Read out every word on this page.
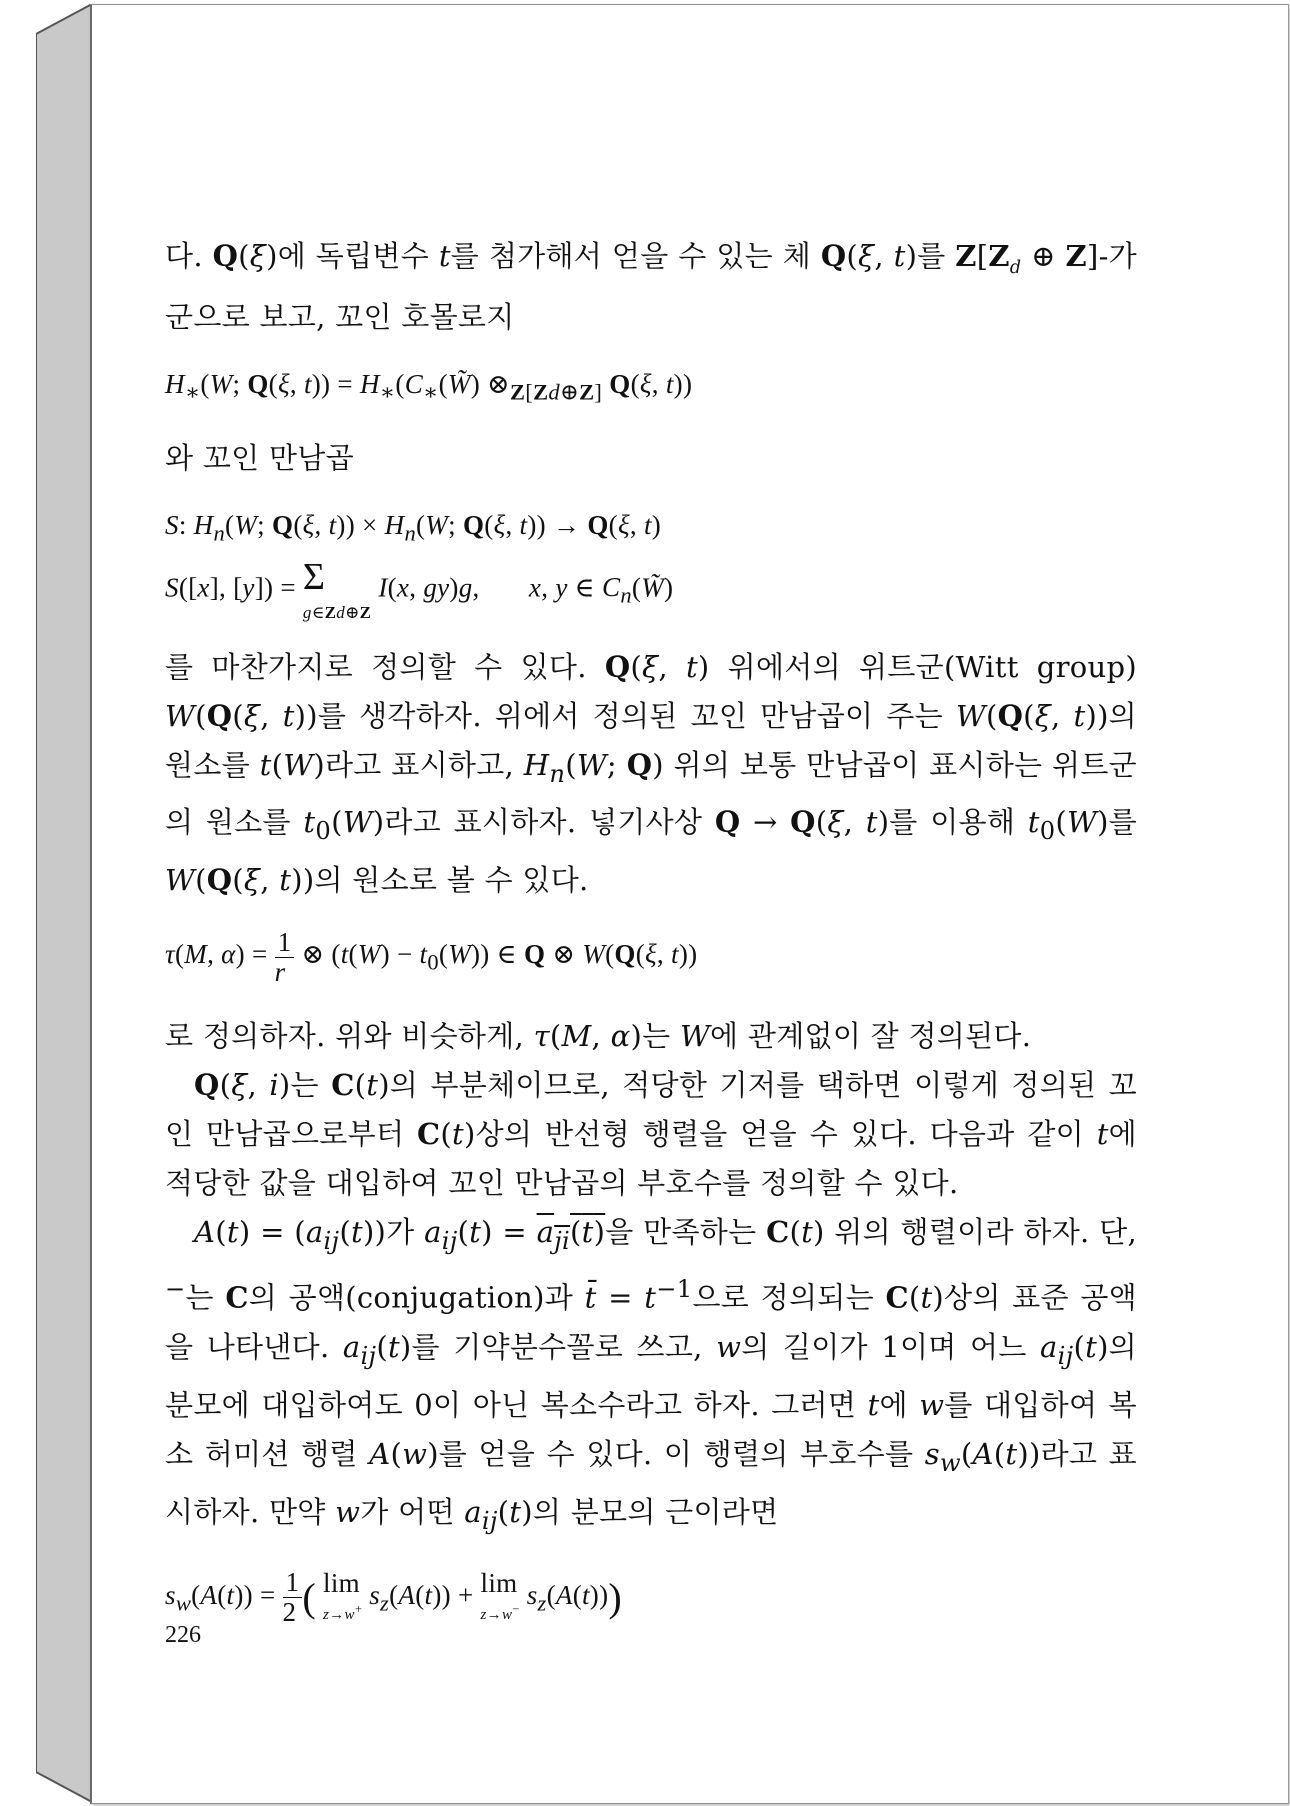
다. Q(ξ)에 독립변수 t를 첨가해서 얻을 수 있는 체 Q(ξ, t)를 $Z[Z_d$ ⊕ Z]-가군으로 보고, 꼬인 호몰로지

$H_∗(W$; Q(ξ, $t)) = H_∗(C_∗(W̃)$ $\otimes_{Z[Zd\oplus Z]}$ Q(ξ, t))

와 꼬인 만남곱

S: $H_n(W$; Q(ξ, $t)) \times H_n(W$; Q(ξ, t)) → Q(ξ, t)

S([x], [y]) = Σ
g∈Zd⊕Z I(x, gy)g,       x, y ∈ $C_n(W̃)$

를 마찬가지로 정의할 수 있다. Q(ξ, t) 위에서의 위트군(Witt group) W(Q(ξ, t))를 생각하자. 위에서 정의된 꼬인 만남곱이 주는 W(Q(ξ, t))의 원소를 t(W)라고 표시하고, $H_n(W$; Q) 위의 보통 만남곱이 표시하는 위트군의 원소를 $t_0(W)$라고 표시하자. 넣기사상 Q → Q(ξ, t)를 이용해 $t_0(W)$를 W(Q(ξ, t))의 원소로 볼 수 있다.

τ(M, $\alpha) = \frac{1}{r}$ ⊗ $(t(W) - t_0(W))$ ∈ Q ⊗ W(Q(ξ, t))

로 정의하자. 위와 비슷하게, τ(M, α)는 W에 관계없이 잘 정의된다.

Q(ξ, i)는 C(t)의 부분체이므로, 적당한 기저를 택하면 이렇게 정의된 꼬인 만남곱으로부터 C(t)상의 반선형 행렬을 얻을 수 있다. 다음과 같이 t에 적당한 값을 대입하여 꼬인 만남곱의 부호수를 정의할 수 있다.

$A(t) = (a_{ij}(t))$가 $a_{ij}(t) = a_{ji}(t)$을 만족하는 C(t) 위의 행렬이라 하자. 단, −는 C의 공액(conjugation)과 t̄ = $t^{-1}$으로 정의되는 C(t)상의 표준 공액을 나타낸다. $a_{ij}(t)$를 기약분수꼴로 쓰고, w의 길이가 1이며 어느 $a_{ij}(t)$의 분모에 대입하여도 0이 아닌 복소수라고 하자. 그러면 t에 w를 대입하여 복소 허미션 행렬 A(w)를 얻을 수 있다. 이 행렬의 부호수를 $s_w(A(t))$라고 표시하자. 만약 w가 어떤 $a_{ij}(t)$의 분모의 근이라면

$s_w(A(t)) = 1$
2 ( lim
z→w+ $s_z(A(t)) + \lim$
z→w− $s_z(A(t))$)

226
